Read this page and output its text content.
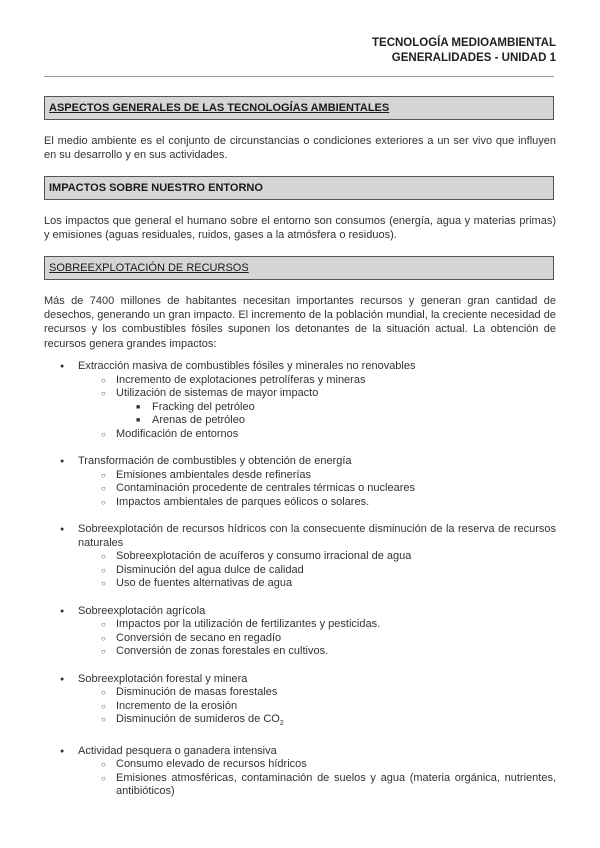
TECNOLOGÍA MEDIOAMBIENTAL
GENERALIDADES - UNIDAD 1
ASPECTOS GENERALES DE LAS TECNOLOGÍAS AMBIENTALES
El medio ambiente es el conjunto de circunstancias o condiciones exteriores a un ser vivo que influyen en su desarrollo y en sus actividades.
IMPACTOS SOBRE NUESTRO ENTORNO
Los impactos que general el humano sobre el entorno son consumos (energía, agua y materias primas) y emisiones (aguas residuales, ruidos, gases a la atmósfera o residuos).
SOBREEXPLOTACIÓN DE RECURSOS
Más de 7400 millones de habitantes necesitan importantes recursos y generan gran cantidad de desechos, generando un gran impacto. El incremento de la población mundial, la creciente necesidad de recursos y los combustibles fósiles suponen los detonantes de la situación actual. La obtención de recursos genera grandes impactos:
● Extracción masiva de combustibles fósiles y minerales no renovables
○ Incremento de explotaciones petrolíferas y mineras
○ Utilización de sistemas de mayor impacto
■ Fracking del petróleo
■ Arenas de petróleo
○ Modificación de entornos
● Transformación de combustibles y obtención de energía
○ Emisiones ambientales desde refinerías
○ Contaminación procedente de centrales térmicas o nucleares
○ Impactos ambientales de parques eólicos o solares.
● Sobreexplotación de recursos hídricos con la consecuente disminución de la reserva de recursos naturales
○ Sobreexplotación de acuíferos y consumo irracional de agua
○ Disminución del agua dulce de calidad
○ Uso de fuentes alternativas de agua
● Sobreexplotación agrícola
○ Impactos por la utilización de fertilizantes y pesticidas.
○ Conversión de secano en regadío
○ Conversión de zonas forestales en cultivos.
● Sobreexplotación forestal y minera
○ Disminución de masas forestales
○ Incremento de la erosión
○ Disminución de sumideros de $CO_2$
● Actividad pesquera o ganadera intensiva
○ Consumo elevado de recursos hídricos
○ Emisiones atmosféricas, contaminación de suelos y agua (materia orgánica, nutrientes, antibióticos)
